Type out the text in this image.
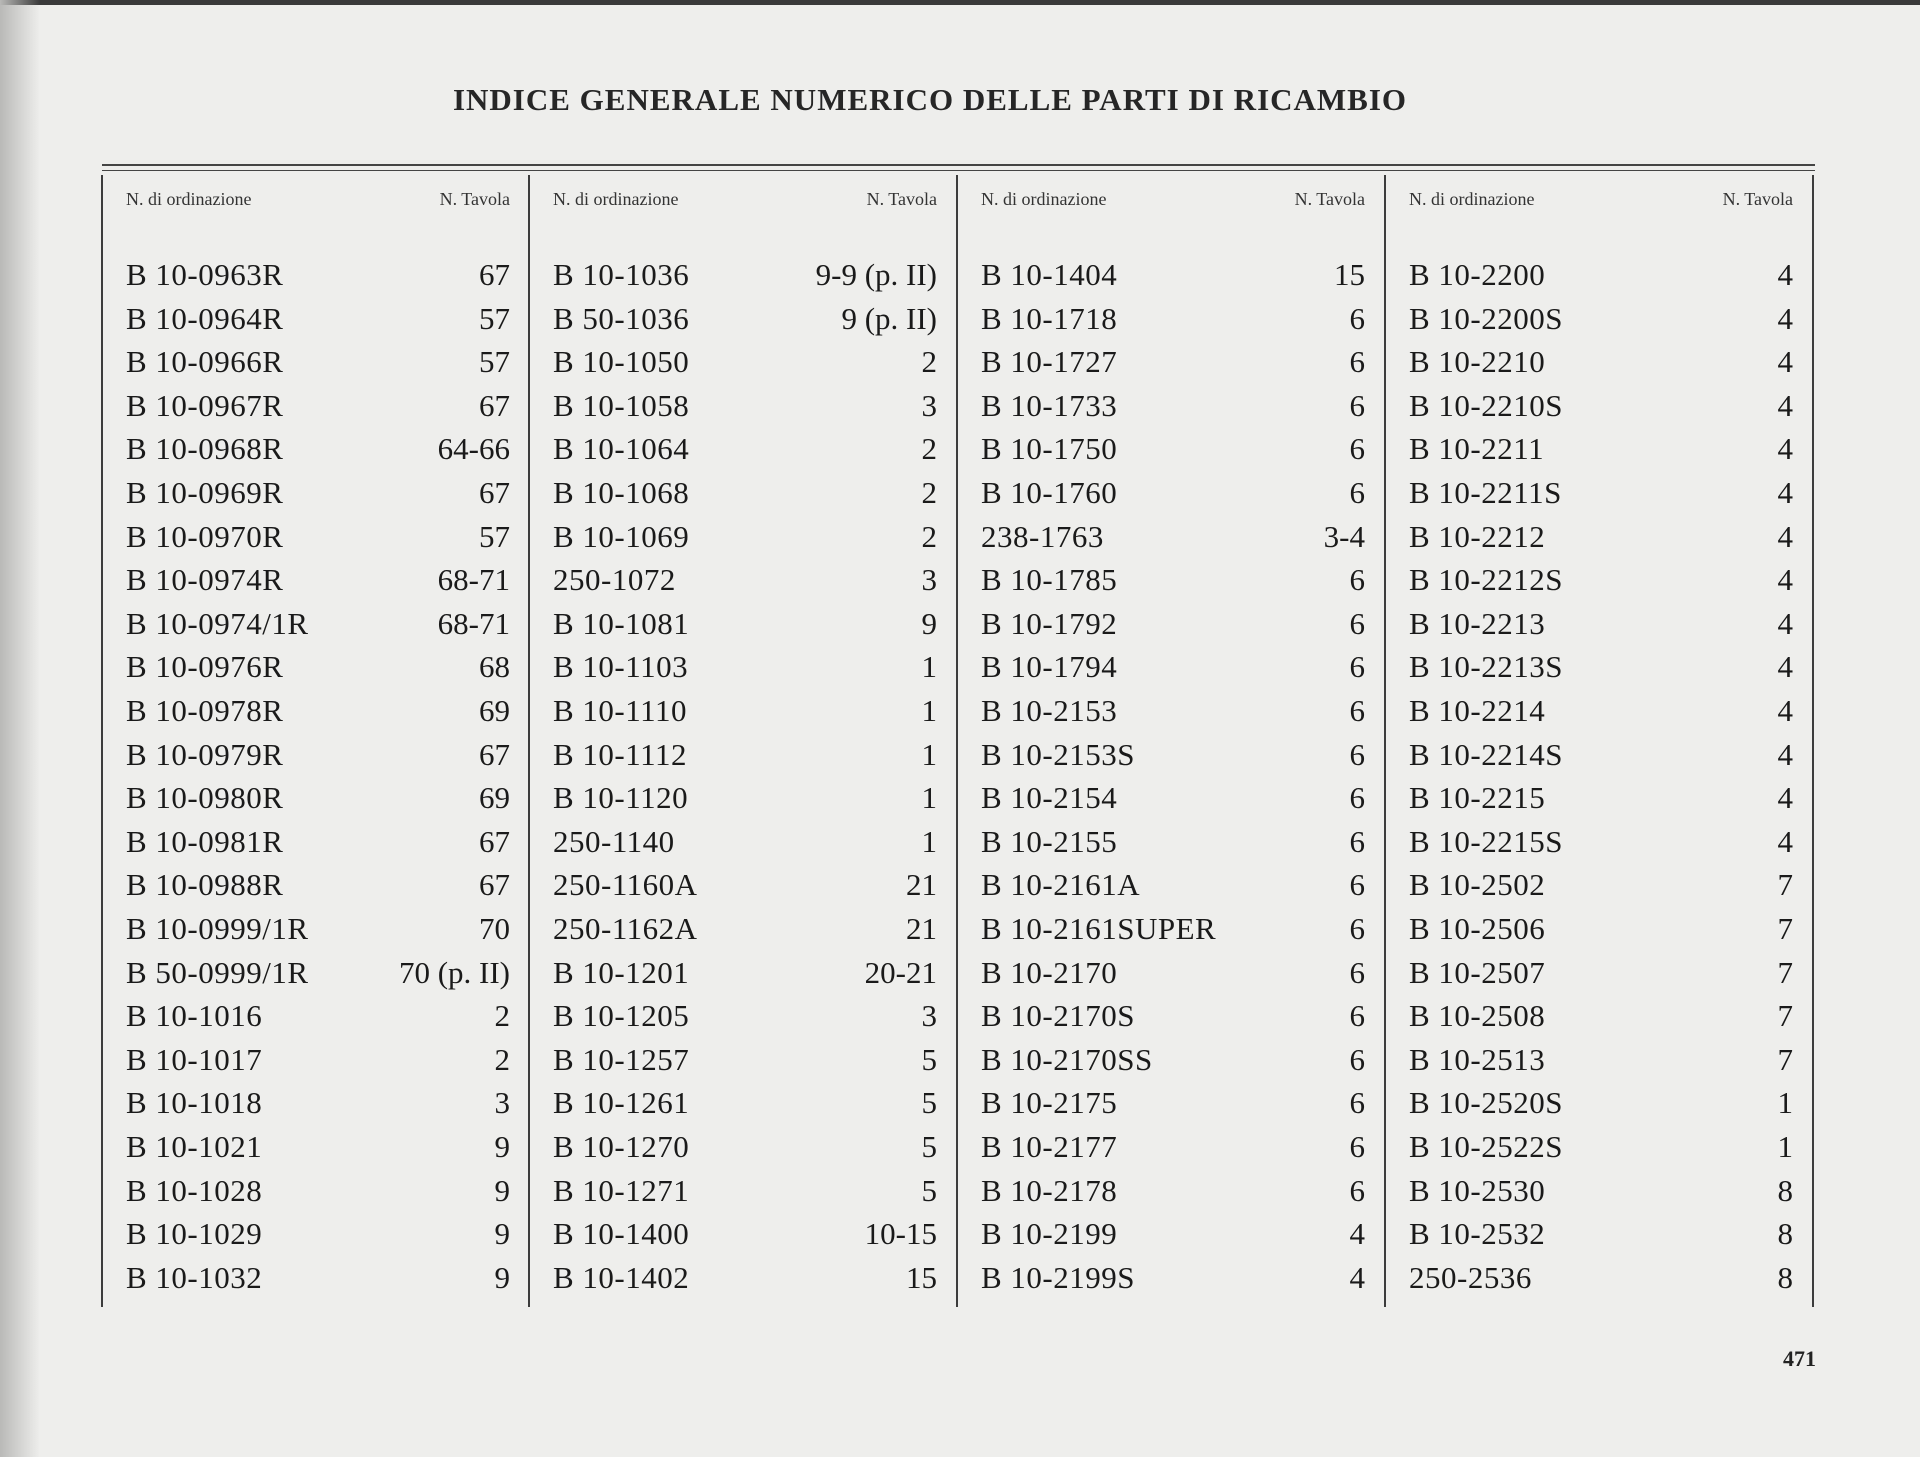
INDICE GENERALE NUMERICO DELLE PARTI DI RICAMBIO
N. di ordinazione	N. Tavola
B 10-0963R	67
B 10-0964R	57
B 10-0966R	57
B 10-0967R	67
B 10-0968R	64-66
B 10-0969R	67
B 10-0970R	57
B 10-0974R	68-71
B 10-0974/1R	68-71
B 10-0976R	68
B 10-0978R	69
B 10-0979R	67
B 10-0980R	69
B 10-0981R	67
B 10-0988R	67
B 10-0999/1R	70
B 50-0999/1R	70 (p. II)
B 10-1016	2
B 10-1017	2
B 10-1018	3
B 10-1021	9
B 10-1028	9
B 10-1029	9
B 10-1032	9
N. di ordinazione	N. Tavola
B 10-1036	9-9 (p. II)
B 50-1036	9 (p. II)
B 10-1050	2
B 10-1058	3
B 10-1064	2
B 10-1068	2
B 10-1069	2
250-1072	3
B 10-1081	9
B 10-1103	1
B 10-1110	1
B 10-1112	1
B 10-1120	1
250-1140	1
250-1160A	21
250-1162A	21
B 10-1201	20-21
B 10-1205	3
B 10-1257	5
B 10-1261	5
B 10-1270	5
B 10-1271	5
B 10-1400	10-15
B 10-1402	15
N. di ordinazione	N. Tavola
B 10-1404	15
B 10-1718	6
B 10-1727	6
B 10-1733	6
B 10-1750	6
B 10-1760	6
238-1763	3-4
B 10-1785	6
B 10-1792	6
B 10-1794	6
B 10-2153	6
B 10-2153S	6
B 10-2154	6
B 10-2155	6
B 10-2161A	6
B 10-2161SUPER	6
B 10-2170	6
B 10-2170S	6
B 10-2170SS	6
B 10-2175	6
B 10-2177	6
B 10-2178	6
B 10-2199	4
B 10-2199S	4
N. di ordinazione	N. Tavola
B 10-2200	4
B 10-2200S	4
B 10-2210	4
B 10-2210S	4
B 10-2211	4
B 10-2211S	4
B 10-2212	4
B 10-2212S	4
B 10-2213	4
B 10-2213S	4
B 10-2214	4
B 10-2214S	4
B 10-2215	4
B 10-2215S	4
B 10-2502	7
B 10-2506	7
B 10-2507	7
B 10-2508	7
B 10-2513	7
B 10-2520S	1
B 10-2522S	1
B 10-2530	8
B 10-2532	8
250-2536	8
471
